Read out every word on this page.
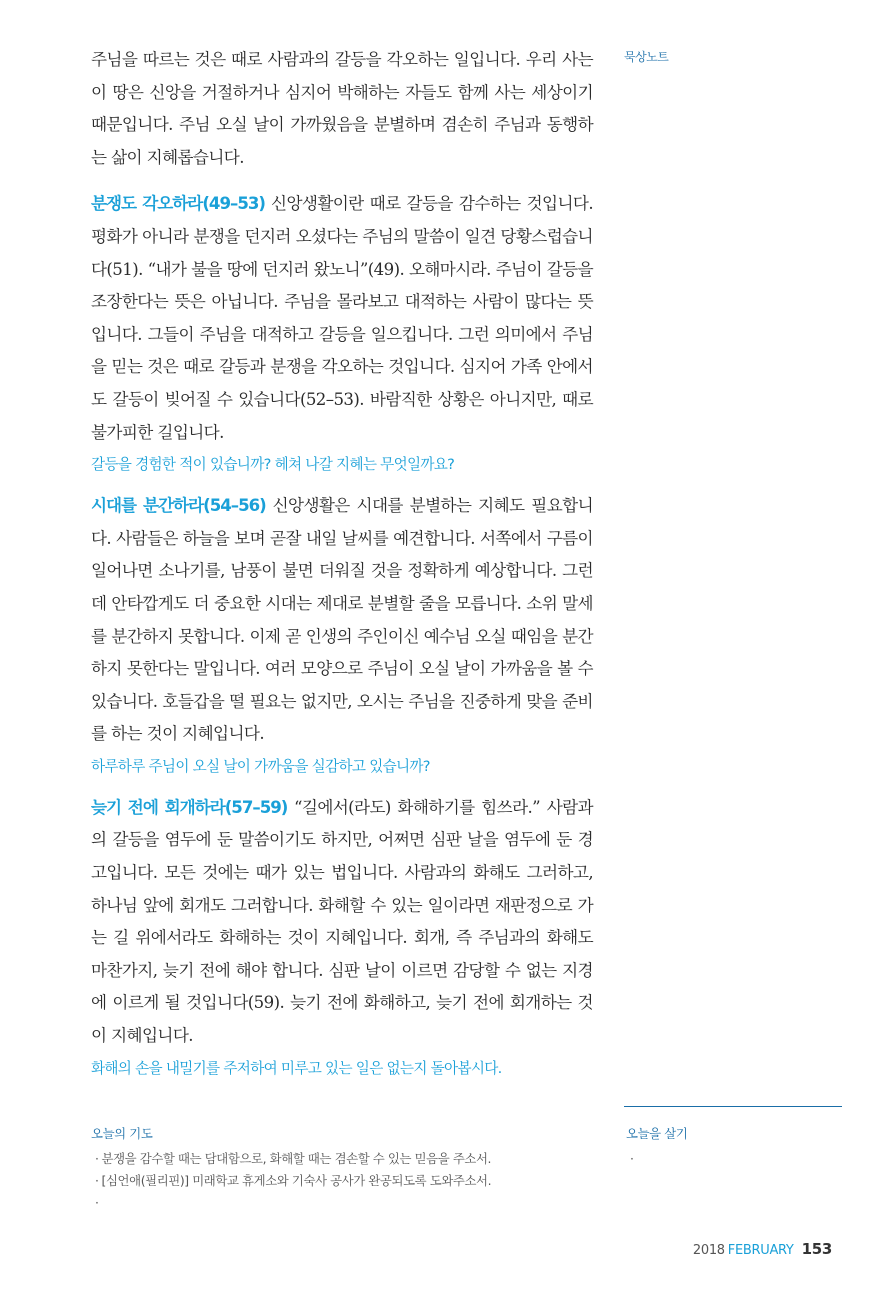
묵상노트

주님을 따르는 것은 때로 사람과의 갈등을 각오하는 일입니다. 우리 사는 이 땅은 신앙을 거절하거나 심지어 박해하는 자들도 함께 사는 세상이기 때문입니다. 주님 오실 날이 가까웠음을 분별하며 겸손히 주님과 동행하는 삶이 지혜롭습니다.

분쟁도 각오하라(49–53) 신앙생활이란 때로 갈등을 감수하는 것입니다. 평화가 아니라 분쟁을 던지러 오셨다는 주님의 말씀이 일견 당황스럽습니다(51). “내가 불을 땅에 던지러 왔노니”(49). 오해마시라. 주님이 갈등을 조장한다는 뜻은 아닙니다. 주님을 몰라보고 대적하는 사람이 많다는 뜻입니다. 그들이 주님을 대적하고 갈등을 일으킵니다. 그런 의미에서 주님을 믿는 것은 때로 갈등과 분쟁을 각오하는 것입니다. 심지어 가족 안에서도 갈등이 빚어질 수 있습니다(52–53). 바람직한 상황은 아니지만, 때로 불가피한 길입니다.

갈등을 경험한 적이 있습니까? 헤쳐 나갈 지혜는 무엇일까요?

시대를 분간하라(54–56) 신앙생활은 시대를 분별하는 지혜도 필요합니다. 사람들은 하늘을 보며 곧잘 내일 날씨를 예견합니다. 서쪽에서 구름이 일어나면 소나기를, 남풍이 불면 더워질 것을 정확하게 예상합니다. 그런데 안타깝게도 더 중요한 시대는 제대로 분별할 줄을 모릅니다. 소위 말세를 분간하지 못합니다. 이제 곧 인생의 주인이신 예수님 오실 때임을 분간하지 못한다는 말입니다. 여러 모양으로 주님이 오실 날이 가까움을 볼 수 있습니다. 호들갑을 떨 필요는 없지만, 오시는 주님을 진중하게 맞을 준비를 하는 것이 지혜입니다.

하루하루 주님이 오실 날이 가까움을 실감하고 있습니까?

늦기 전에 회개하라(57–59) “길에서(라도) 화해하기를 힘쓰라.” 사람과의 갈등을 염두에 둔 말씀이기도 하지만, 어쩌면 심판 날을 염두에 둔 경고입니다. 모든 것에는 때가 있는 법입니다. 사람과의 화해도 그러하고, 하나님 앞에 회개도 그러합니다. 화해할 수 있는 일이라면 재판정으로 가는 길 위에서라도 화해하는 것이 지혜입니다. 회개, 즉 주님과의 화해도 마찬가지, 늦기 전에 해야 합니다. 심판 날이 이르면 감당할 수 없는 지경에 이르게 될 것입니다(59). 늦기 전에 화해하고, 늦기 전에 회개하는 것이 지혜입니다.

화해의 손을 내밀기를 주저하여 미루고 있는 일은 없는지 돌아봅시다.

오늘의 기도
· 분쟁을 감수할 때는 담대함으로, 화해할 때는 겸손할 수 있는 믿음을 주소서.
· [심언애(필리핀)] 미래학교 휴게소와 기숙사 공사가 완공되도록 도와주소서.
·
오늘을 살기
·
2018 FEBRUARY 153
